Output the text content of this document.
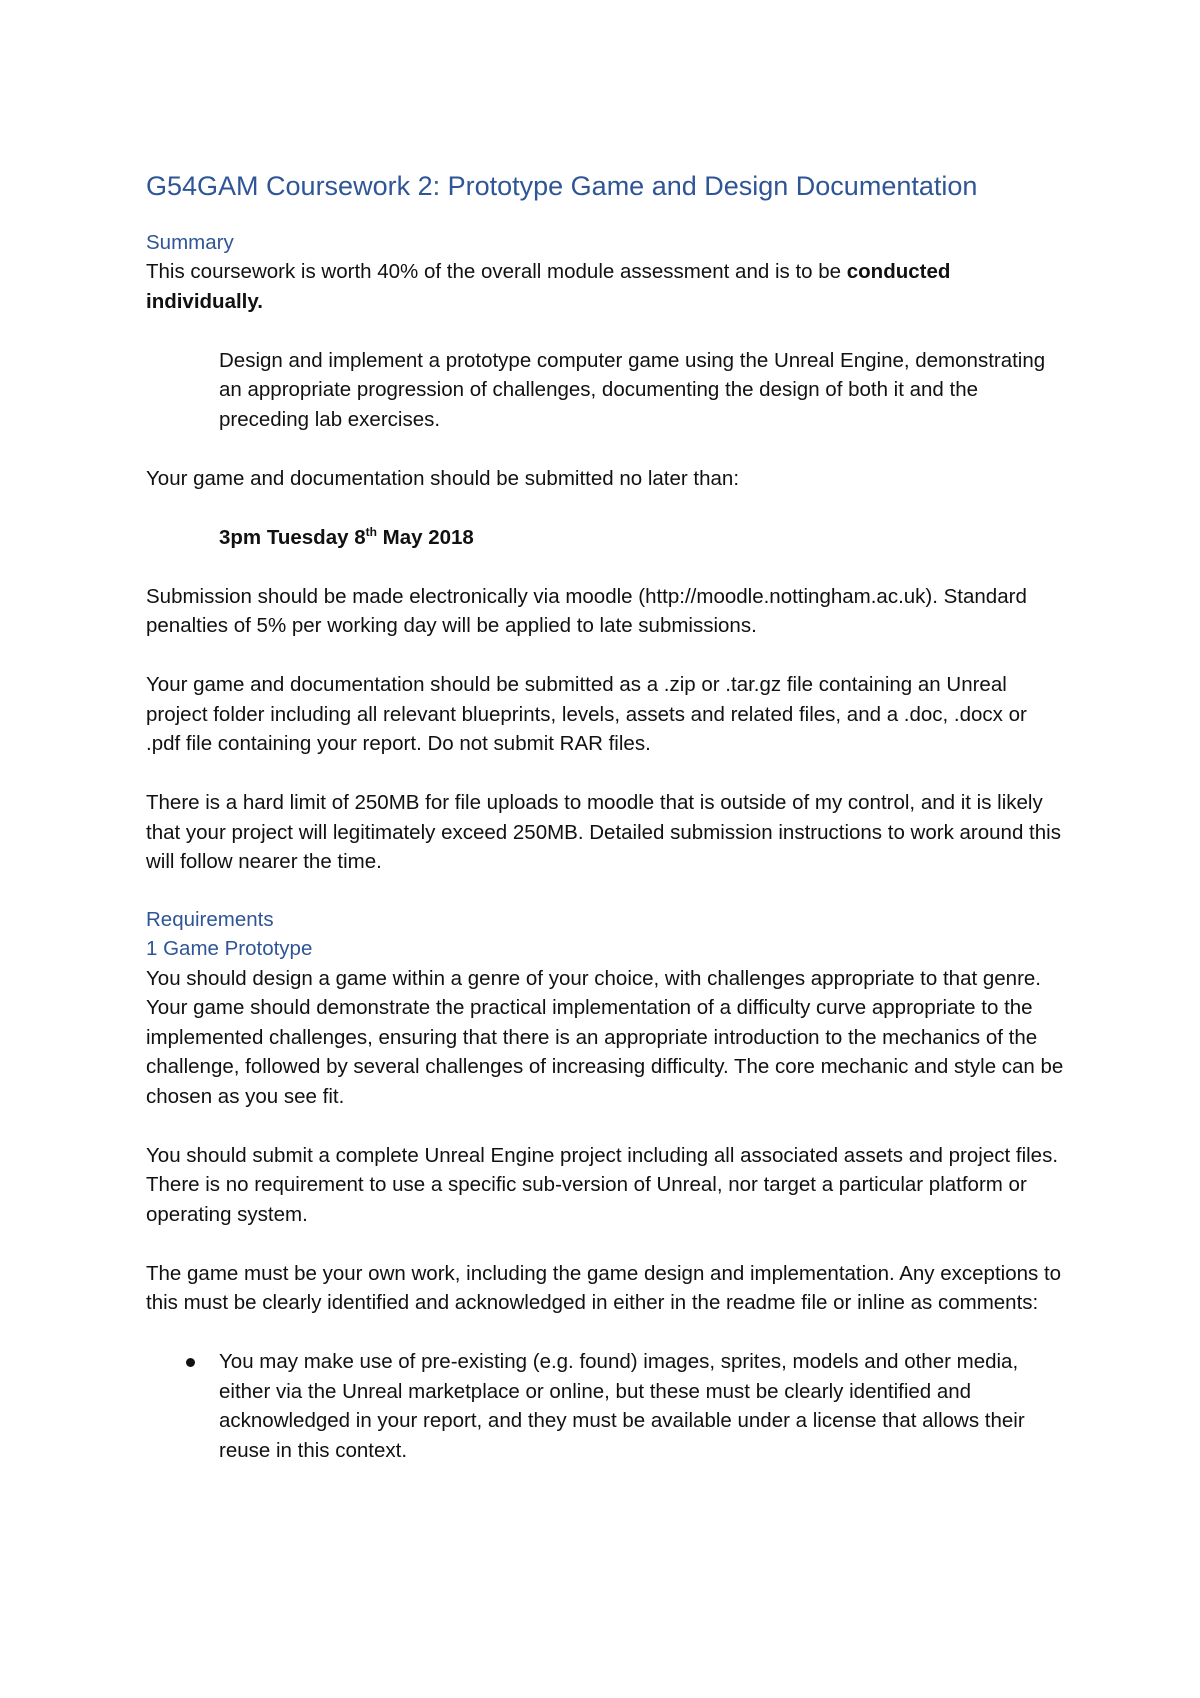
G54GAM Coursework 2: Prototype Game and Design Documentation
Summary

This coursework is worth 40% of the overall module assessment and is to be conducted individually.

Design and implement a prototype computer game using the Unreal Engine, demonstrating an appropriate progression of challenges, documenting the design of both it and the preceding lab exercises.

Your game and documentation should be submitted no later than:

3pm Tuesday 8th May 2018

Submission should be made electronically via moodle (http://moodle.nottingham.ac.uk). Standard penalties of 5% per working day will be applied to late submissions.

Your game and documentation should be submitted as a .zip or .tar.gz file containing an Unreal project folder including all relevant blueprints, levels, assets and related files, and a .doc, .docx or .pdf file containing your report. Do not submit RAR files.

There is a hard limit of 250MB for file uploads to moodle that is outside of my control, and it is likely that your project will legitimately exceed 250MB. Detailed submission instructions to work around this will follow nearer the time.

Requirements
1 Game Prototype

You should design a game within a genre of your choice, with challenges appropriate to that genre. Your game should demonstrate the practical implementation of a difficulty curve appropriate to the implemented challenges, ensuring that there is an appropriate introduction to the mechanics of the challenge, followed by several challenges of increasing difficulty. The core mechanic and style can be chosen as you see fit.

You should submit a complete Unreal Engine project including all associated assets and project files. There is no requirement to use a specific sub-version of Unreal, nor target a particular platform or operating system.

The game must be your own work, including the game design and implementation. Any exceptions to this must be clearly identified and acknowledged in either in the readme file or inline as comments:

You may make use of pre-existing (e.g. found) images, sprites, models and other media, either via the Unreal marketplace or online, but these must be clearly identified and acknowledged in your report, and they must be available under a license that allows their reuse in this context.
